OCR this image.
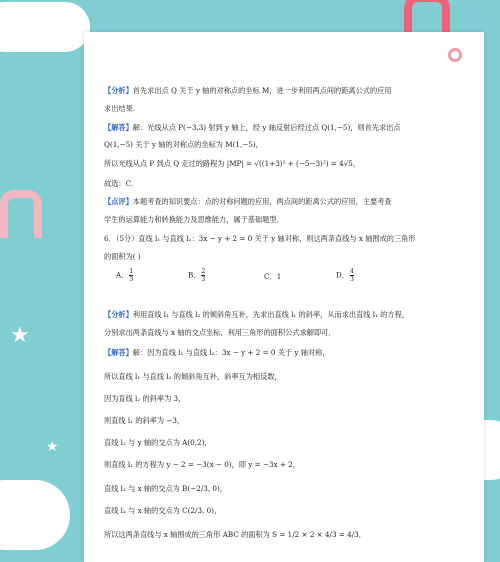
★
★
【分析】首先求出点 Q 关于 y 轴的对称点的坐标 M，进一步利用两点间的距离公式的应用
求出结果.
【解答】解：光线从点 P(−3,3) 射到 y 轴上，经 y 轴反射后经过点 Q(1,−5)，则首先求出点
Q(1,−5) 关于 y 轴的对称点的坐标为 M(1,−5)，
所以光线从点 P 到点 Q 走过的路程为 |MP| = √((1+3)² + (−5−3)²) = 4√5，
故选：C．
【点评】本题考查的知识要点：点的对称问题的应用，两点间的距离公式的应用，主要考查
学生的运算能力和转换能力及思维能力，属于基础题型．
6．（5分）直线 l₁ 与直线 l₂：3x − y + 2 = 0 关于 y 轴对称，则这两条直线与 x 轴围成的三角形
的面积为( )
A． $\frac{1}{3}$	B． $\frac{2}{3}$	C．1	D． $\frac{4}{3}$
【分析】利用直线 l₁ 与直线 l₂ 的倾斜角互补，先求出直线 l₁ 的斜率，从而求出直线 l₁ 的方程，
分别求出两条直线与 x 轴的交点坐标，利用三角形的面积公式求解即可．
【解答】解：因为直线 l₁ 与直线 l₂：3x − y + 2 = 0 关于 y 轴对称，
所以直线 l₁ 与直线 l₂ 的倾斜角互补，斜率互为相反数，
因为直线 l₂ 的斜率为 3，
则直线 l₁ 的斜率为 −3，
直线 l₂ 与 y 轴的交点为 A(0,2)，
则直线 l₁ 的方程为 y − 2 = −3(x − 0)，即 y = −3x + 2，
直线 l₁ 与 x 轴的交点为 B(−2/3, 0)，
直线 l₂ 与 x 轴的交点为 C(2/3, 0)，
所以这两条直线与 x 轴围成的三角形 ABC 的面积为 S = 1/2 × 2 × 4/3 = 4/3．
